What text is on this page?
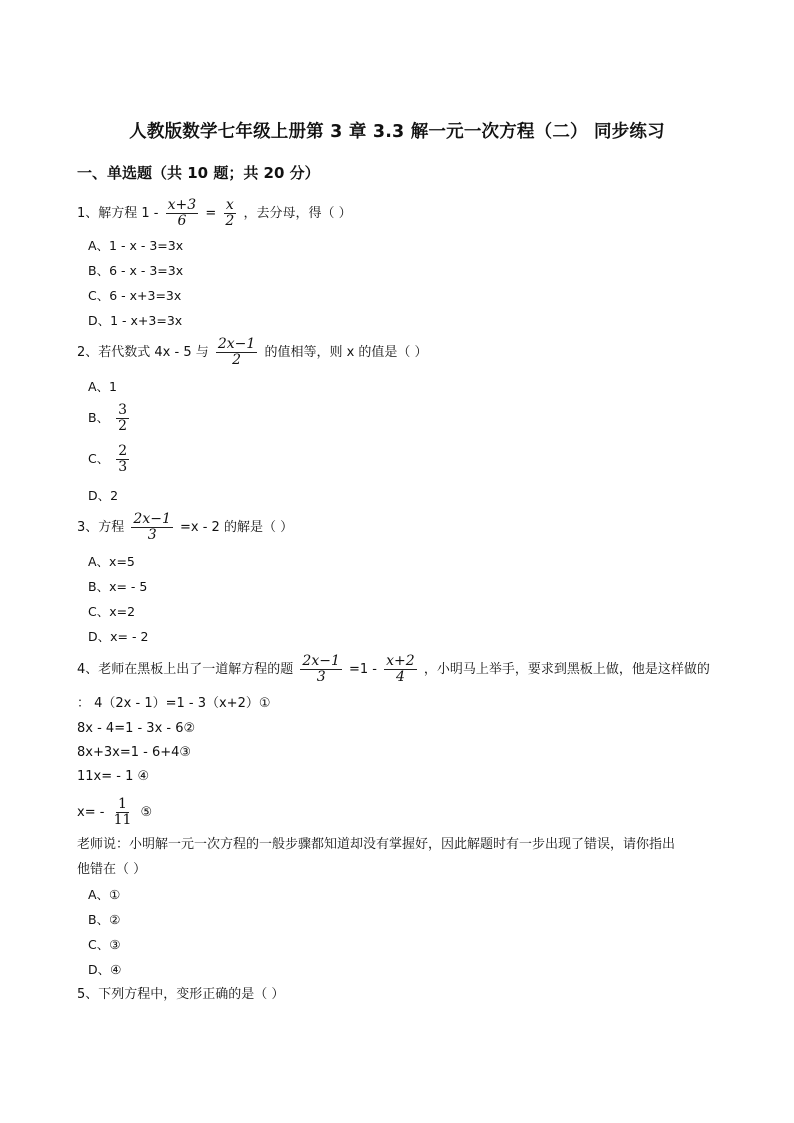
人教版数学七年级上册第 3 章 3.3 解一元一次方程（二） 同步练习
一、单选题（共 10 题；共 20 分）
1、解方程 $1 - \frac{x+3}{6} = \frac{x}{2}$ ，去分母，得（ ）
A、1 - x - 3=3x
B、6 - x - 3=3x
C、6 - x+3=3x
D、1 - x+3=3x
2、若代数式 4x - 5 与 $\frac{2x-1}{2}$ 的值相等，则 x 的值是（ ）
A、1
B、 $\frac{3}{2}$
C、 $\frac{2}{3}$
D、2
3、方程 $\frac{2x-1}{3} =x - 2$ 的解是（ ）
A、x=5
B、x= - 5
C、x=2
D、x= - 2
4、老师在黑板上出了一道解方程的题 $\frac{2x-1}{3} =1 - \frac{x+2}{4}$ ，小明马上举手，要求到黑板上做，他是这样做的
： 4（2x - 1）=1 - 3（x+2）①
8x - 4=1 - 3x - 6②
8x+3x=1 - 6+4③
11x= - 1 ④
$x= - \frac{1}{11}$ ⑤
老师说：小明解一元一次方程的一般步骤都知道却没有掌握好，因此解题时有一步出现了错误，请你指出
他错在（ ）
A、①
B、②
C、③
D、④
5、下列方程中，变形正确的是（ ）
